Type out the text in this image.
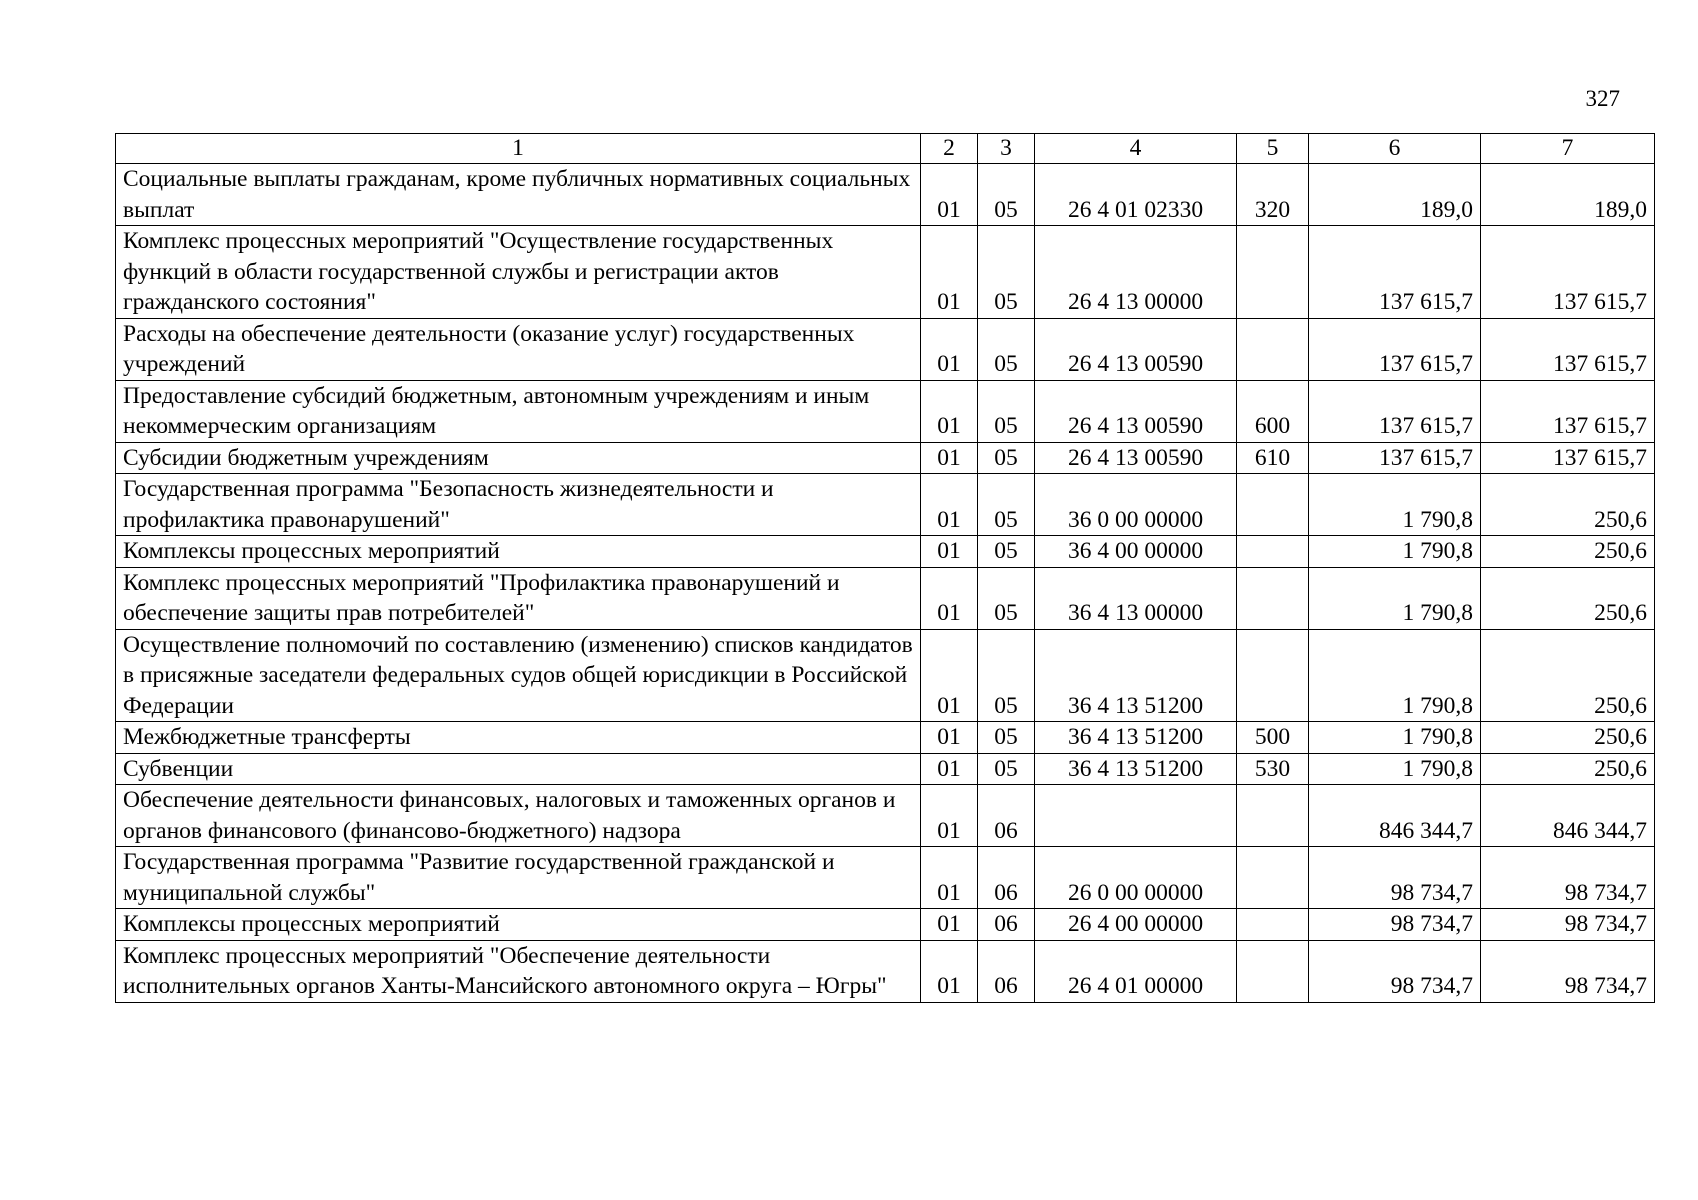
327
1	2	3	4	5	6	7
Социальные выплаты гражданам, кроме публичных нормативных социальных выплат	01	05	26 4 01 02330	320	189,0	189,0
Комплекс процессных мероприятий "Осуществление государственных функций в области государственной службы и регистрации актов гражданского состояния"	01	05	26 4 13 00000		137 615,7	137 615,7
Расходы на обеспечение деятельности (оказание услуг) государственных учреждений	01	05	26 4 13 00590		137 615,7	137 615,7
Предоставление субсидий бюджетным, автономным учреждениям и иным некоммерческим организациям	01	05	26 4 13 00590	600	137 615,7	137 615,7
Субсидии бюджетным учреждениям	01	05	26 4 13 00590	610	137 615,7	137 615,7
Государственная программа "Безопасность жизнедеятельности и профилактика правонарушений"	01	05	36 0 00 00000		1 790,8	250,6
Комплексы процессных мероприятий	01	05	36 4 00 00000		1 790,8	250,6
Комплекс процессных мероприятий "Профилактика правонарушений и обеспечение защиты прав потребителей"	01	05	36 4 13 00000		1 790,8	250,6
Осуществление полномочий по составлению (изменению) списков кандидатов в присяжные заседатели федеральных судов общей юрисдикции в Российской Федерации	01	05	36 4 13 51200		1 790,8	250,6
Межбюджетные трансферты	01	05	36 4 13 51200	500	1 790,8	250,6
Субвенции	01	05	36 4 13 51200	530	1 790,8	250,6
Обеспечение деятельности финансовых, налоговых и таможенных органов и органов финансового (финансово-бюджетного) надзора	01	06			846 344,7	846 344,7
Государственная программа "Развитие государственной гражданской и муниципальной службы"	01	06	26 0 00 00000		98 734,7	98 734,7
Комплексы процессных мероприятий	01	06	26 4 00 00000		98 734,7	98 734,7
Комплекс процессных мероприятий "Обеспечение деятельности исполнительных органов Ханты-Мансийского автономного округа – Югры"	01	06	26 4 01 00000		98 734,7	98 734,7
